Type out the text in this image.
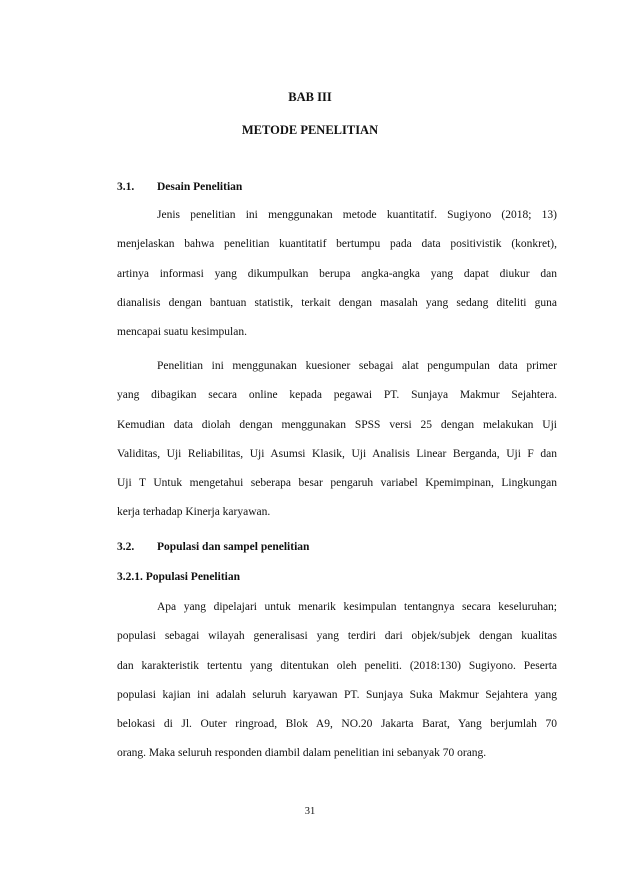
BAB III
METODE PENELITIAN
3.1. Desain Penelitian
Jenis penelitian ini menggunakan metode kuantitatif. Sugiyono (2018; 13)
menjelaskan bahwa penelitian kuantitatif bertumpu pada data positivistik (konkret),
artinya informasi yang dikumpulkan berupa angka-angka yang dapat diukur dan
dianalisis dengan bantuan statistik, terkait dengan masalah yang sedang diteliti guna
mencapai suatu kesimpulan.
Penelitian ini menggunakan kuesioner sebagai alat pengumpulan data primer
yang dibagikan secara online kepada pegawai PT. Sunjaya Makmur Sejahtera.
Kemudian data diolah dengan menggunakan SPSS versi 25 dengan melakukan Uji
Validitas, Uji Reliabilitas, Uji Asumsi Klasik, Uji Analisis Linear Berganda, Uji F dan
Uji T Untuk mengetahui seberapa besar pengaruh variabel Kpemimpinan, Lingkungan
kerja terhadap Kinerja karyawan.
3.2. Populasi dan sampel penelitian
3.2.1. Populasi Penelitian
Apa yang dipelajari untuk menarik kesimpulan tentangnya secara keseluruhan;
populasi sebagai wilayah generalisasi yang terdiri dari objek/subjek dengan kualitas
dan karakteristik tertentu yang ditentukan oleh peneliti. (2018:130) Sugiyono. Peserta
populasi kajian ini adalah seluruh karyawan PT. Sunjaya Suka Makmur Sejahtera yang
belokasi di Jl. Outer ringroad, Blok A9, NO.20 Jakarta Barat, Yang berjumlah 70
orang. Maka seluruh responden diambil dalam penelitian ini sebanyak 70 orang.
31
